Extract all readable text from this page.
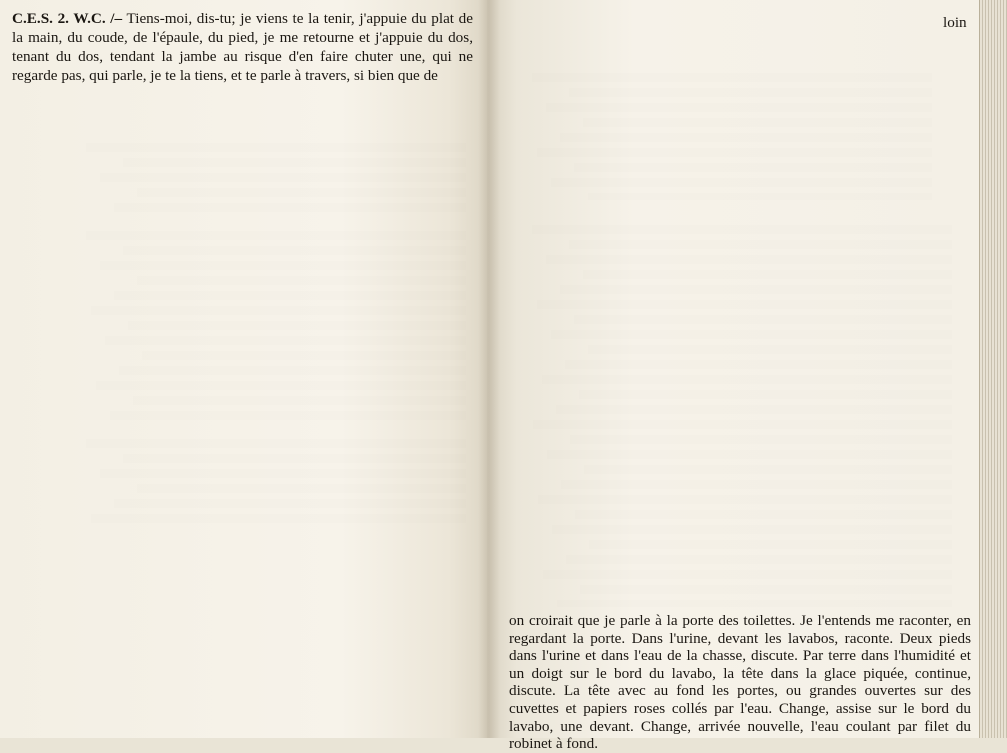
C.E.S. 2. W.C. /– Tiens-moi, dis-tu; je viens te la tenir, j'appuie du plat de la main, du coude, de l'épaule, du pied, je me retourne et j'appuie du dos, tenant du dos, tendant la jambe au risque d'en faire chuter une, qui ne regarde pas, qui parle, je te la tiens, et te parle à travers, si bien que de
loin
on croirait que je parle à la porte des toilettes. Je l'entends me raconter, en regardant la porte. Dans l'urine, devant les lavabos, raconte. Deux pieds dans l'urine et dans l'eau de la chasse, discute. Par terre dans l'humidité et un doigt sur le bord du lavabo, la tête dans la glace piquée, continue, discute. La tête avec au fond les portes, ou grandes ouvertes sur des cuvettes et papiers roses collés par l'eau. Change, assise sur le bord du lavabo, une devant. Change, arrivée nouvelle, l'eau coulant par filet du robinet à fond.
